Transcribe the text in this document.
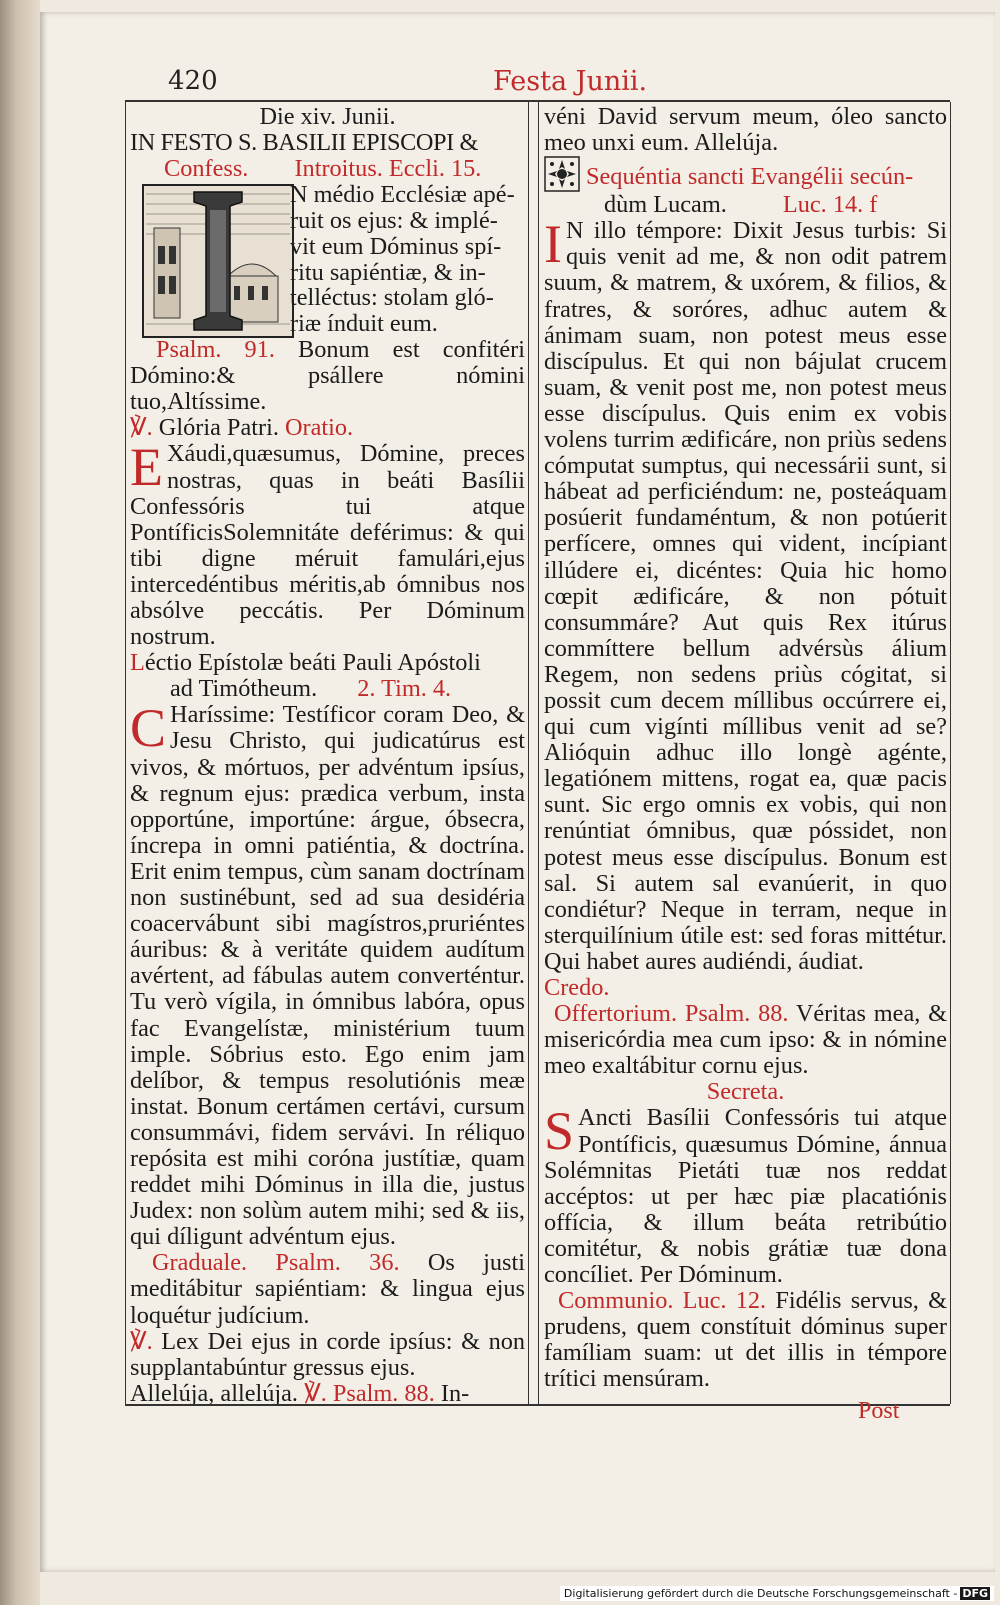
420	Festa Junii.

Die xiv. Junii.

IN FESTO S. BASILII EPISCOPI &

Confess. Introitus. Eccli. 15.

N médio Ecclésiæ apé-

ruit os ejus: & implé-

vit eum Dóminus spí-

ritu sapiéntiæ, & in-

telléctus: stolam gló-

riæ índuit eum.

Psalm. 91. Bonum est confitéri Dómino:& psállere nómini tuo,Altíssime.

℣. Glória Patri. Oratio.

E Xáudi,quæsumus, Dómine, preces nostras, quas in beáti Basílii Confessóris tui atque PontíficisSolemnitáte deférimus: & qui tibi digne méruit famulári,ejus intercedéntibus méritis,ab ómnibus nos absólve peccátis. Per Dóminum nostrum.

Léctio Epístolæ beáti Pauli Apóstoli

ad Timótheum. 2. Tim. 4.

C Haríssime: Testíficor coram Deo, & Jesu Christo, qui judicatúrus est vivos, & mórtuos, per advéntum ipsíus, & regnum ejus: prædica verbum, insta opportúne, importúne: árgue, óbsecra, íncrepa in omni patiéntia, & doctrína. Erit enim tempus, cùm sanam doctrínam non sustinébunt, sed ad sua desidéria coacervábunt sibi magístros,pruriéntes áuribus: & à veritáte quidem audítum avértent, ad fábulas autem converténtur. Tu verò vígila, in ómnibus labóra, opus fac Evangelístæ, ministérium tuum imple. Sóbrius esto. Ego enim jam delíbor, & tempus resolutiónis meæ instat. Bonum certámen certávi, cursum consummávi, fidem servávi. In réliquo repósita est mihi coróna justítiæ, quam reddet mihi Dóminus in illa die, justus Judex: non solùm autem mihi; sed & iis, qui díligunt advéntum ejus.

Graduale. Psalm. 36. Os justi meditábitur sapiéntiam: & lingua ejus loquétur judícium.

℣. Lex Dei ejus in corde ipsíus: & non supplantabúntur gressus ejus.

Allelúja, allelúja. ℣. Psalm. 88. In-

véni David servum meum, óleo sancto meo unxi eum. Allelúja.

Sequéntia sancti Evangélii secún-

dùm Lucam. Luc. 14. f

I N illo témpore: Dixit Jesus turbis: Si quis venit ad me, & non odit patrem suum, & matrem, & uxórem, & filios, & fratres, & soróres, adhuc autem & ánimam suam, non potest meus esse discípulus. Et qui non bájulat crucem suam, & venit post me, non potest meus esse discípulus. Quis enim ex vobis volens turrim ædificáre, non priùs sedens cómputat sumptus, qui necessárii sunt, si hábeat ad perficiéndum: ne, posteáquam posúerit fundaméntum, & non potúerit perfícere, omnes qui vident, incípiant illúdere ei, dicéntes: Quia hic homo cœpit ædificáre, & non pótuit consummáre? Aut quis Rex itúrus commíttere bellum advérsùs álium Regem, non sedens priùs cógitat, si possit cum decem míllibus occúrrere ei, qui cum vigínti míllibus venit ad se? Alióquin adhuc illo longè agénte, legatiónem mittens, rogat ea, quæ pacis sunt. Sic ergo omnis ex vobis, qui non renúntiat ómnibus, quæ póssidet, non potest meus esse discípulus. Bonum est sal. Si autem sal evanúerit, in quo condiétur? Neque in terram, neque in sterquilínium útile est: sed foras mittétur. Qui habet aures audiéndi, áudiat.

Credo.

Offertorium. Psalm. 88. Véritas mea, & misericórdia mea cum ipso: & in nómine meo exaltábitur cornu ejus.

Secreta.

S Ancti Basílii Confessóris tui atque Pontíficis, quæsumus Dómine, ánnua Solémnitas Pietáti tuæ nos reddat accéptos: ut per hæc piæ placatiónis offícia, & illum beáta retribútio comitétur, & nobis grátiæ tuæ dona concíliet. Per Dóminum.

Communio. Luc. 12. Fidélis servus, & prudens, quem constítuit dóminus super famíliam suam: ut det illis in témpore trítici mensúram.

Post
Digitalisierung gefördert durch die Deutsche Forschungsgemeinschaft - DFG
